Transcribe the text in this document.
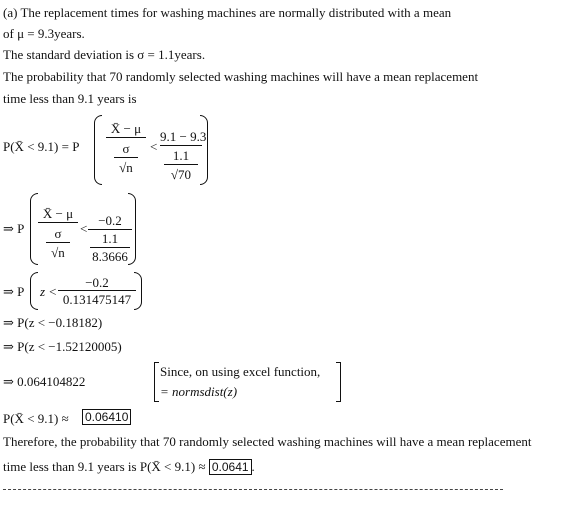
(a) The replacement times for washing machines are normally distributed with a mean
of μ = 9.3years.
The standard deviation is σ = 1.1years.
The probability that 70 randomly selected washing machines will have a mean replacement
time less than 9.1 years is
P(X̄ < 9.1) = P
X̄ − μ
σ
√n
<
9.1 − 9.3
1.1
√70
⇒ P
X̄ − μ
σ
√n
<
−0.2
1.1
8.3666
⇒ P z <
−0.2
0.131475147
⇒ P(z < −0.18182)
⇒ P(z < −1.52120005)
⇒ 0.064104822
Since, on using excel function,
= normsdist(z)
P(X̄ < 9.1) ≈ 0.06410
Therefore, the probability that 70 randomly selected washing machines will have a mean replacement
time less than 9.1 years is P(X̄ < 9.1) ≈ 0.0641 .
